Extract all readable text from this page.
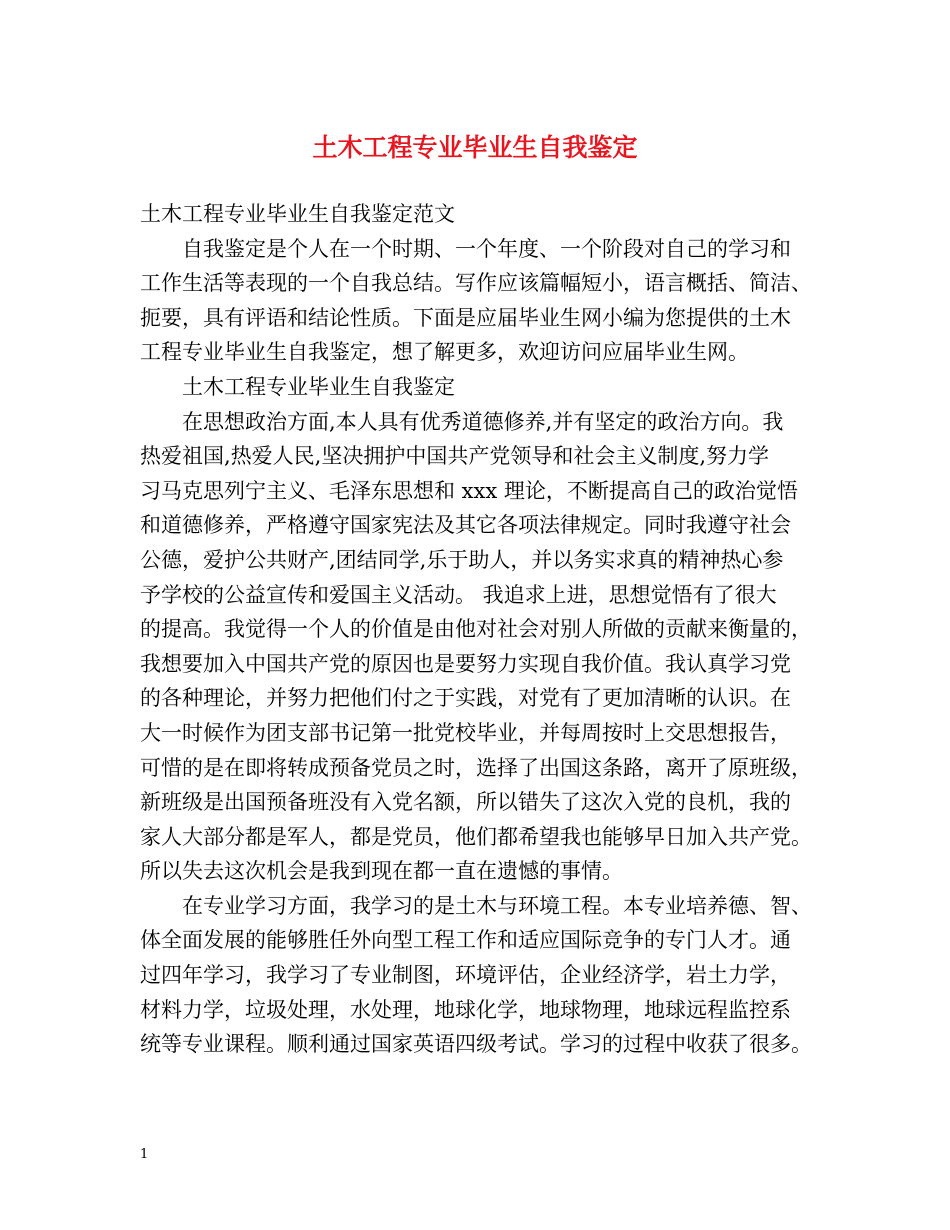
土木工程专业毕业生自我鉴定

土木工程专业毕业生自我鉴定范文

自我鉴定是个人在一个时期、一个年度、一个阶段对自己的学习和
工作生活等表现的一个自我总结。写作应该篇幅短小，语言概括、简洁、
扼要，具有评语和结论性质。下面是应届毕业生网小编为您提供的土木
工程专业毕业生自我鉴定，想了解更多，欢迎访问应届毕业生网。

土木工程专业毕业生自我鉴定

在思想政治方面,本人具有优秀道德修养,并有坚定的政治方向。我
热爱祖国,热爱人民,坚决拥护中国共产党领导和社会主义制度,努力学
习马克思列宁主义、毛泽东思想和 xxx 理论，不断提高自己的政治觉悟
和道德修养，严格遵守国家宪法及其它各项法律规定。同时我遵守社会
公德，爱护公共财产,团结同学,乐于助人，并以务实求真的精神热心参
予学校的公益宣传和爱国主义活动。 我追求上进，思想觉悟有了很大
的提高。我觉得一个人的价值是由他对社会对别人所做的贡献来衡量的，
我想要加入中国共产党的原因也是要努力实现自我价值。我认真学习党
的各种理论，并努力把他们付之于实践，对党有了更加清晰的认识。在
大一时候作为团支部书记第一批党校毕业，并每周按时上交思想报告，
可惜的是在即将转成预备党员之时，选择了出国这条路，离开了原班级，
新班级是出国预备班没有入党名额，所以错失了这次入党的良机，我的
家人大部分都是军人，都是党员，他们都希望我也能够早日加入共产党。
所以失去这次机会是我到现在都一直在遗憾的事情。

在专业学习方面，我学习的是土木与环境工程。本专业培养德、智、
体全面发展的能够胜任外向型工程工作和适应国际竞争的专门人才。通
过四年学习，我学习了专业制图，环境评估，企业经济学，岩土力学，
材料力学，垃圾处理，水处理，地球化学，地球物理，地球远程监控系
统等专业课程。顺利通过国家英语四级考试。学习的过程中收获了很多。

1
